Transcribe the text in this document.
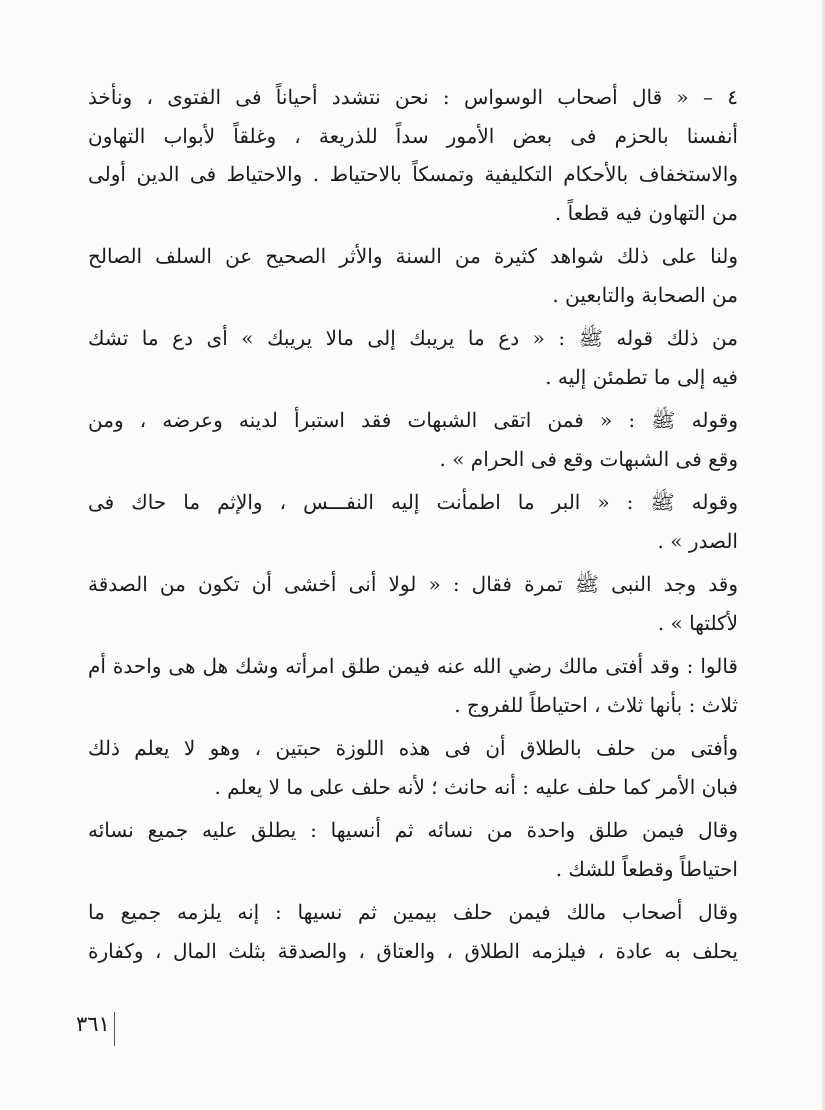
٤ – « قال أصحاب الوسواس : نحن نتشدد أحياناً فى الفتوى ، ونأخذ
أنفسنا بالحزم فى بعض الأمور سداً للذريعة ، وغلقاً لأبواب التهاون
والاستخفاف بالأحكام التكليفية وتمسكاً بالاحتياط . والاحتياط فى الدين أولى
من التهاون فيه قطعاً .

ولنا على ذلك شواهد كثيرة من السنة والأثر الصحيح عن السلف الصالح
من الصحابة والتابعين .

من ذلك قوله ﷺ : « دع ما يريبك إلى مالا يريبك » أى دع ما تشك
فيه إلى ما تطمئن إليه .

وقوله ﷺ : « فمن اتقى الشبهات فقد استبرأ لدينه وعرضه ، ومن
وقع فى الشبهات وقع فى الحرام » .

وقوله ﷺ : « البر ما اطمأنت إليه النفـــس ، والإثم ما حاك فى
الصدر » .

وقد وجد النبى ﷺ تمرة فقال : « لولا أنى أخشى أن تكون من الصدقة
لأكلتها » .

قالوا : وقد أفتى مالك رضي الله عنه فيمن طلق امرأته وشك هل هى واحدة أم
ثلاث : بأنها ثلاث ، احتياطاً للفروج .

وأفتى من حلف بالطلاق أن فى هذه اللوزة حبتين ، وهو لا يعلم ذلك
فبان الأمر كما حلف عليه : أنه حانث ؛ لأنه حلف على ما لا يعلم .

وقال فيمن طلق واحدة من نسائه ثم أنسيها : يطلق عليه جميع نسائه
احتياطاً وقطعاً للشك .

وقال أصحاب مالك فيمن حلف بيمين ثم نسيها : إنه يلزمه جميع ما
يحلف به عادة ، فيلزمه الطلاق ، والعتاق ، والصدقة بثلث المال ، وكفارة

٣٦١
